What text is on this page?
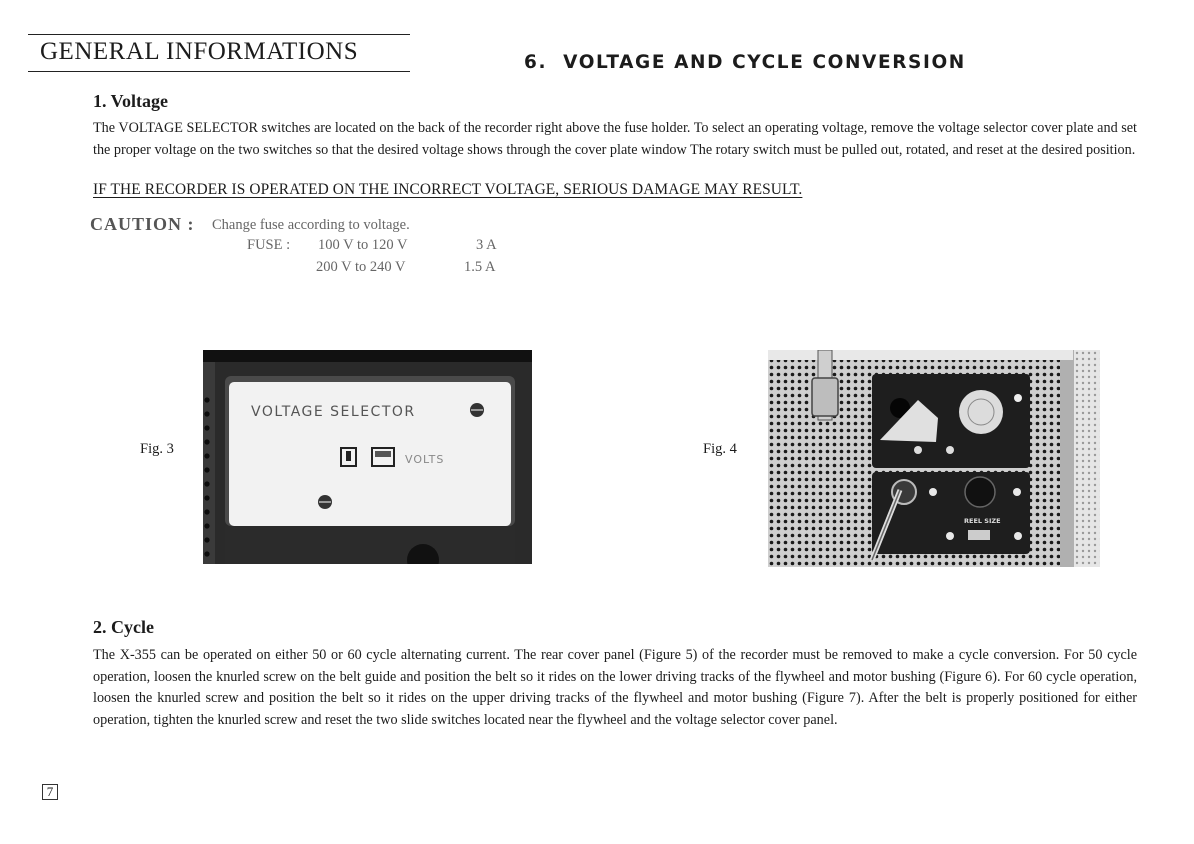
GENERAL INFORMATIONS	6. VOLTAGE AND CYCLE CONVERSION
1. Voltage
The VOLTAGE SELECTOR switches are located on the back of the recorder right above the fuse holder. To select an operating voltage, remove the voltage selector cover plate and set the proper voltage on the two switches so that the desired voltage shows through the cover plate window The rotary switch must be pulled out, rotated, and reset at the desired position.
IF THE RECORDER IS OPERATED ON THE INCORRECT VOLTAGE, SERIOUS DAMAGE MAY RESULT.
CAUTION : Change fuse according to voltage.
FUSE : 100 V to 120 V	3 A
200 V to 240 V	1.5 A
Fig. 3	Fig. 4
VOLTAGE SELECTOR
VOLTS
REEL SIZE
2. Cycle
The X-355 can be operated on either 50 or 60 cycle alternating current. The rear cover panel (Figure 5) of the recorder must be removed to make a cycle conversion. For 50 cycle operation, loosen the knurled screw on the belt guide and position the belt so it rides on the lower driving tracks of the flywheel and motor bushing (Figure 6). For 60 cycle operation, loosen the knurled screw and position the belt so it rides on the upper driving tracks of the flywheel and motor bushing (Figure 7). After the belt is properly positioned for either operation, tighten the knurled screw and reset the two slide switches located near the flywheel and the voltage selector cover panel.
7
